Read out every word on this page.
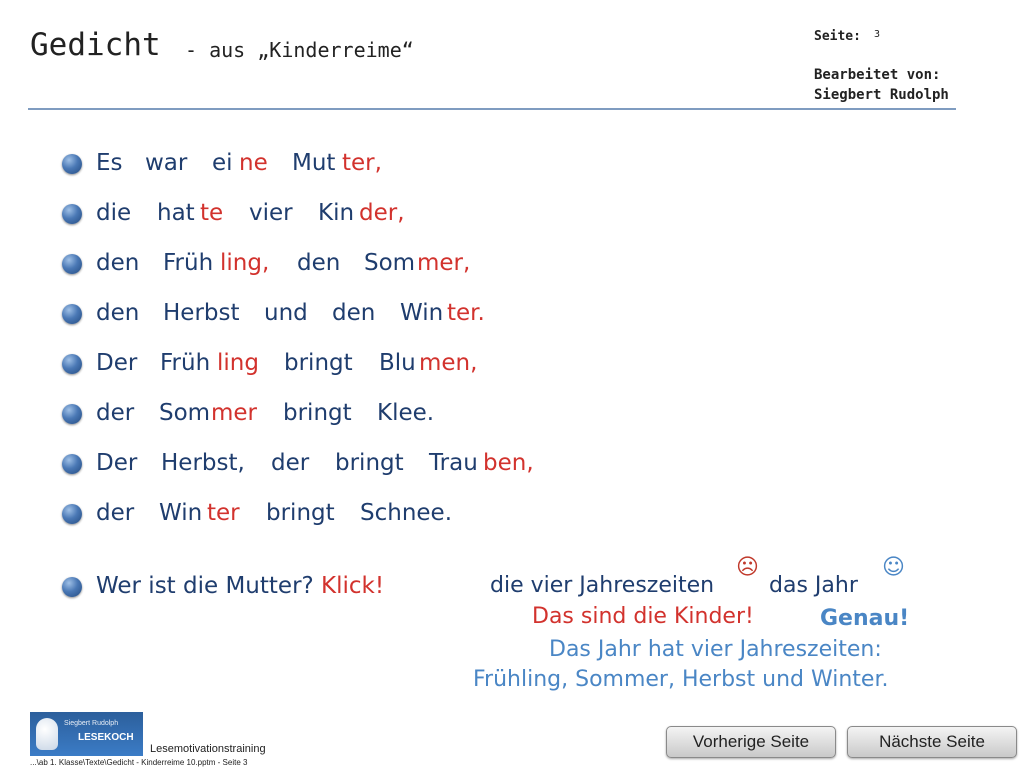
Gedicht - aus „Kinderreime“
Seite: 3
Bearbeitet von:
Siegbert Rudolph
Es war ei ne Mut ter,
die hat te vier Kin der,
den Früh ling, den Som mer,
den Herbst und den Win ter.
Der Früh ling bringt Blu men,
der Som mer bringt Klee.
Der Herbst, der bringt Trau ben,
der Win ter bringt Schnee.
Wer ist die Mutter? Klick!	die vier Jahreszeiten
☹
das Jahr
☺
Das sind die Kinder!	Genau!
Das Jahr hat vier Jahreszeiten:
Frühling, Sommer, Herbst und Winter.
Siegbert Rudolph
LESEKOCH
Lesemotivationstraining
...\ab 1. Klasse\Texte\Gedicht - Kinderreime 10.pptm - Seite 3
Vorherige Seite	Nächste Seite
